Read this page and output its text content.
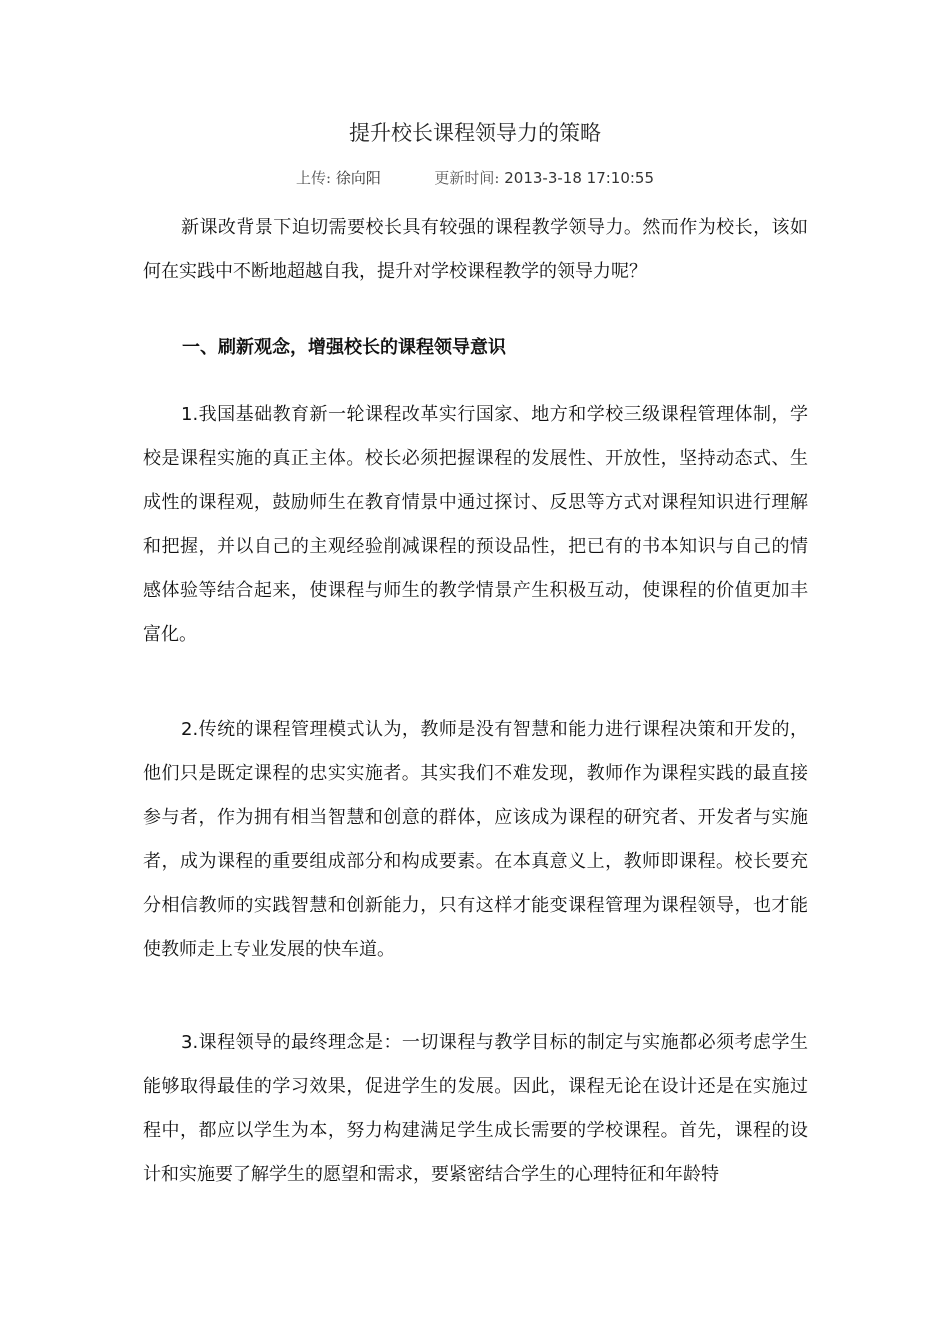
提升校长课程领导力的策略
上传: 徐向阳	更新时间: 2013-3-18 17:10:55

新课改背景下迫切需要校长具有较强的课程教学领导力。然而作为校长，该如何在实践中不断地超越自我，提升对学校课程教学的领导力呢？

一、刷新观念，增强校长的课程领导意识

1.我国基础教育新一轮课程改革实行国家、地方和学校三级课程管理体制，学校是课程实施的真正主体。校长必须把握课程的发展性、开放性，坚持动态式、生成性的课程观，鼓励师生在教育情景中通过探讨、反思等方式对课程知识进行理解和把握，并以自己的主观经验削减课程的预设品性，把已有的书本知识与自己的情感体验等结合起来，使课程与师生的教学情景产生积极互动，使课程的价值更加丰富化。

2.传统的课程管理模式认为，教师是没有智慧和能力进行课程决策和开发的，他们只是既定课程的忠实实施者。其实我们不难发现，教师作为课程实践的最直接参与者，作为拥有相当智慧和创意的群体，应该成为课程的研究者、开发者与实施者，成为课程的重要组成部分和构成要素。在本真意义上，教师即课程。校长要充分相信教师的实践智慧和创新能力，只有这样才能变课程管理为课程领导，也才能使教师走上专业发展的快车道。

3.课程领导的最终理念是：一切课程与教学目标的制定与实施都必须考虑学生能够取得最佳的学习效果，促进学生的发展。因此，课程无论在设计还是在实施过程中，都应以学生为本，努力构建满足学生成长需要的学校课程。首先，课程的设计和实施要了解学生的愿望和需求，要紧密结合学生的心理特征和年龄特
